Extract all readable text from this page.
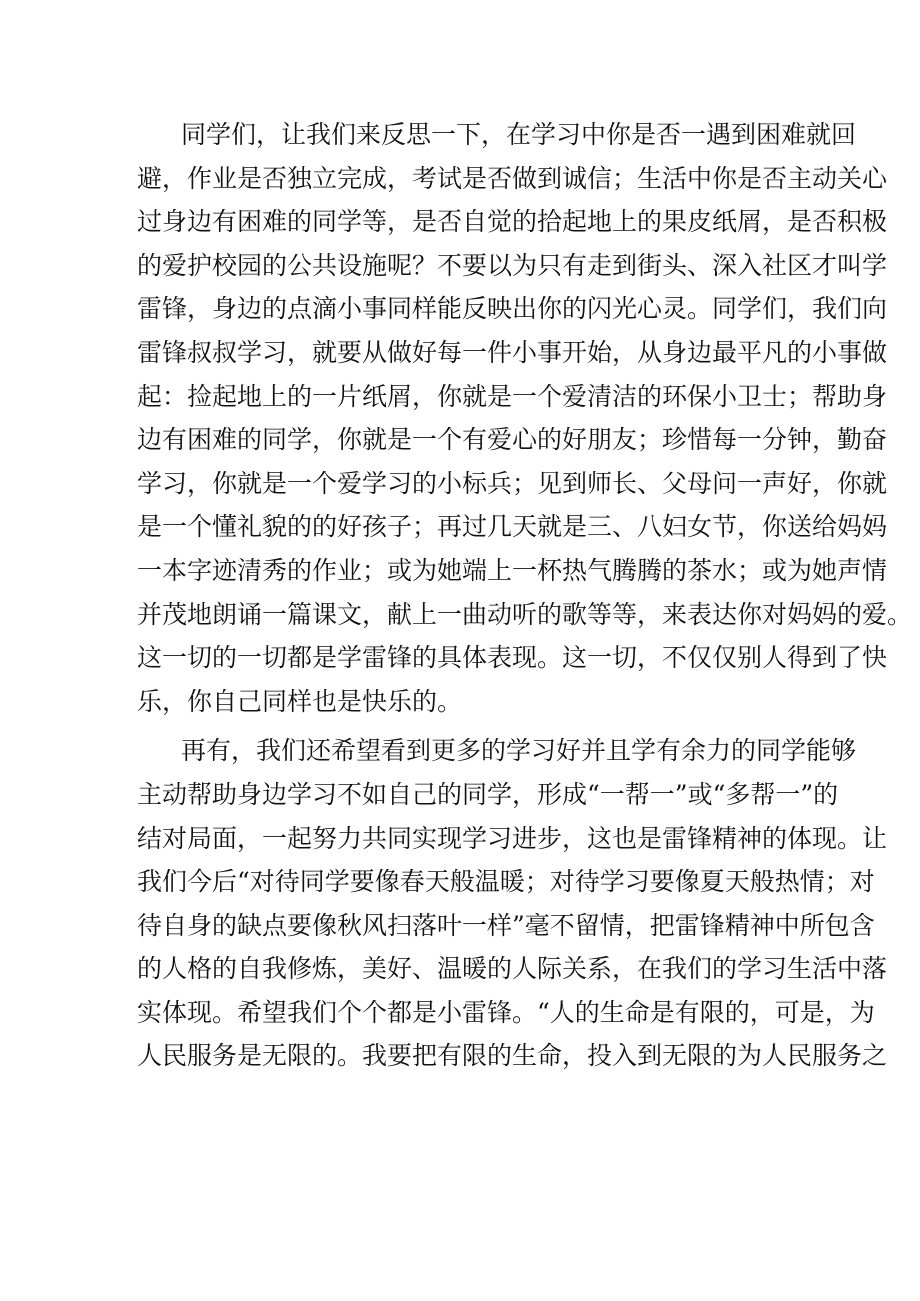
同学们，让我们来反思一下，在学习中你是否一遇到困难就回
避，作业是否独立完成，考试是否做到诚信；生活中你是否主动关心
过身边有困难的同学等，是否自觉的拾起地上的果皮纸屑，是否积极
的爱护校园的公共设施呢？不要以为只有走到街头、深入社区才叫学
雷锋，身边的点滴小事同样能反映出你的闪光心灵。同学们，我们向
雷锋叔叔学习，就要从做好每一件小事开始，从身边最平凡的小事做
起：捡起地上的一片纸屑，你就是一个爱清洁的环保小卫士；帮助身
边有困难的同学，你就是一个有爱心的好朋友；珍惜每一分钟，勤奋
学习，你就是一个爱学习的小标兵；见到师长、父母问一声好，你就
是一个懂礼貌的的好孩子；再过几天就是三、八妇女节，你送给妈妈
一本字迹清秀的作业；或为她端上一杯热气腾腾的茶水；或为她声情
并茂地朗诵一篇课文，献上一曲动听的歌等等，来表达你对妈妈的爱。
这一切的一切都是学雷锋的具体表现。这一切，不仅仅别人得到了快
乐，你自己同样也是快乐的。
再有，我们还希望看到更多的学习好并且学有余力的同学能够
主动帮助身边学习不如自己的同学，形成“一帮一”或“多帮一”的
结对局面，一起努力共同实现学习进步，这也是雷锋精神的体现。让
我们今后“对待同学要像春天般温暖；对待学习要像夏天般热情；对
待自身的缺点要像秋风扫落叶一样”毫不留情，把雷锋精神中所包含
的人格的自我修炼，美好、温暖的人际关系，在我们的学习生活中落
实体现。希望我们个个都是小雷锋。“人的生命是有限的，可是，为
人民服务是无限的。我要把有限的生命，投入到无限的为人民服务之
